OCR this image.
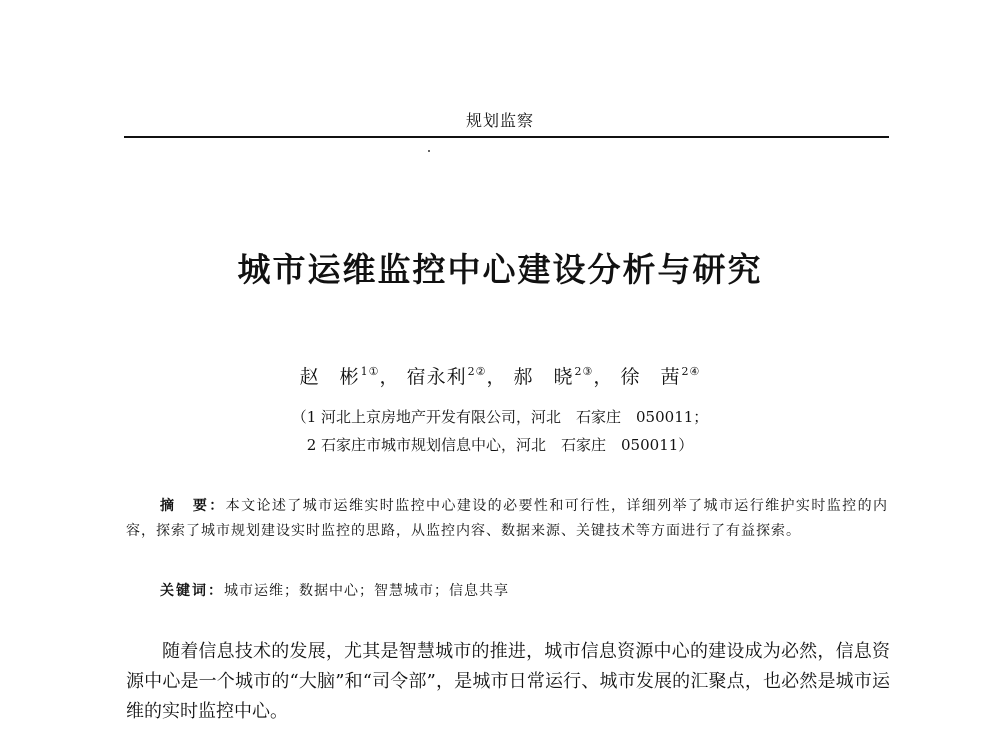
规划监察
城市运维监控中心建设分析与研究
赵　彬$^{1①}$， 宿永利$^{2②}$， 郝　晓$^{2③}$， 徐　茜$^{2④}$
（1 河北上京房地产开发有限公司，河北　石家庄　050011；
2 石家庄市城市规划信息中心，河北　石家庄　050011）
摘　要：本文论述了城市运维实时监控中心建设的必要性和可行性，详细列举了城市运行维护实时监控的内容，探索了城市规划建设实时监控的思路，从监控内容、数据来源、关键技术等方面进行了有益探索。
关键词：城市运维；数据中心；智慧城市；信息共享
随着信息技术的发展，尤其是智慧城市的推进，城市信息资源中心的建设成为必然，信息资源中心是一个城市的“大脑”和“司令部”，是城市日常运行、城市发展的汇聚点，也必然是城市运维的实时监控中心。
